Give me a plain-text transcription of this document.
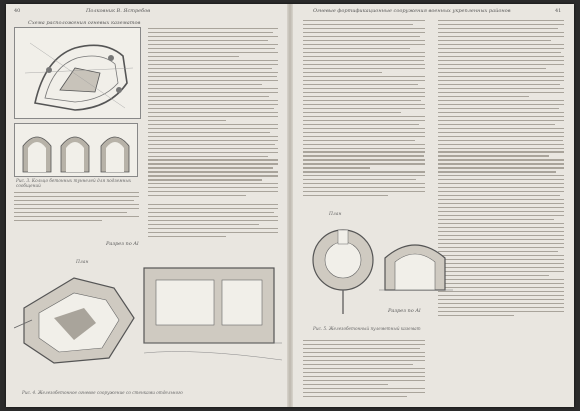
40	Полковник В. Ястребов
Схема расположения огневых казематов
Рис. 3. Кольцо бетонных туннелей для подземных сообщений
Разрез по Al
План
Рис. 4. Железобетонное огневое сооружение со стенками отдельного
Огневые фортификационные сооружения военных укрепленных районов	41
План
Разрез по Al
Рис. 5. Железобетонный пулеметный каземат
